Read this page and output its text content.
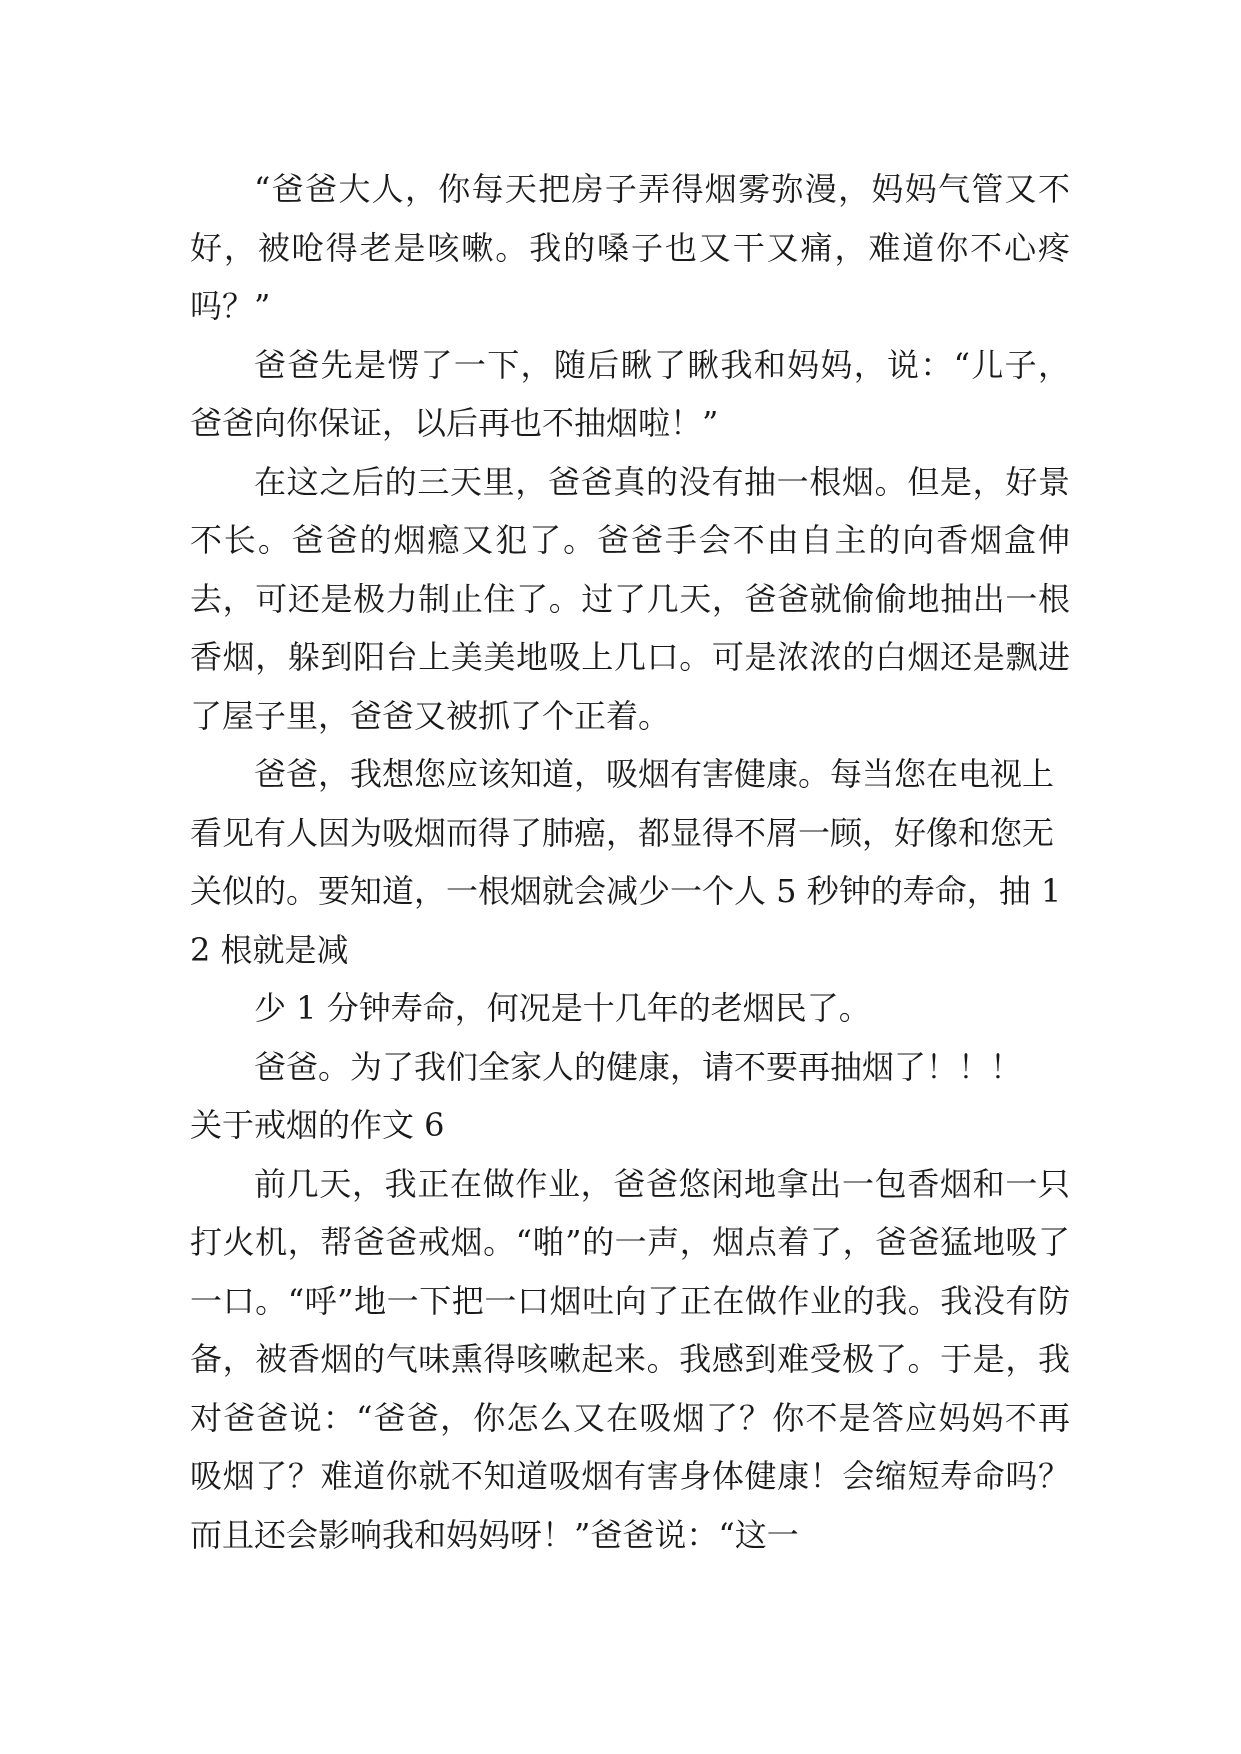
“爸爸大人，你每天把房子弄得烟雾弥漫，妈妈气管又不好，被呛得老是咳嗽。我的嗓子也又干又痛，难道你不心疼吗？”

爸爸先是愣了一下，随后瞅了瞅我和妈妈，说：“儿子，爸爸向你保证，以后再也不抽烟啦！”

在这之后的三天里，爸爸真的没有抽一根烟。但是，好景不长。爸爸的烟瘾又犯了。爸爸手会不由自主的向香烟盒伸去，可还是极力制止住了。过了几天，爸爸就偷偷地抽出一根香烟，躲到阳台上美美地吸上几口。可是浓浓的白烟还是飘进了屋子里，爸爸又被抓了个正着。

爸爸，我想您应该知道，吸烟有害健康。每当您在电视上看见有人因为吸烟而得了肺癌，都显得不屑一顾，好像和您无关似的。要知道，一根烟就会减少一个人 5 秒钟的寿命，抽 12 根就是减

少 1 分钟寿命，何况是十几年的老烟民了。

爸爸。为了我们全家人的健康，请不要再抽烟了！！！

关于戒烟的作文 6

前几天，我正在做作业，爸爸悠闲地拿出一包香烟和一只打火机，帮爸爸戒烟。“啪”的一声，烟点着了，爸爸猛地吸了一口。“呼”地一下把一口烟吐向了正在做作业的我。我没有防备，被香烟的气味熏得咳嗽起来。我感到难受极了。于是，我对爸爸说：“爸爸，你怎么又在吸烟了？你不是答应妈妈不再吸烟了？难道你就不知道吸烟有害身体健康！会缩短寿命吗？而且还会影响我和妈妈呀！”爸爸说：“这一
